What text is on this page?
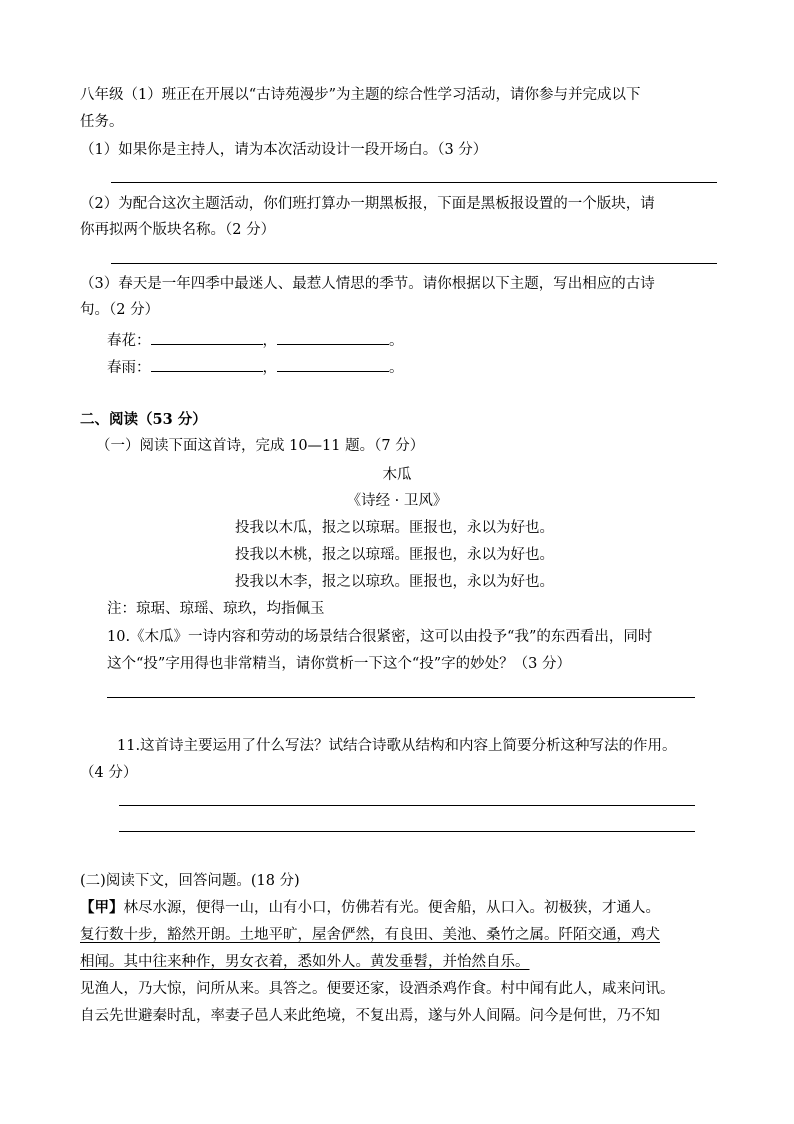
八年级（1）班正在开展以“古诗苑漫步”为主题的综合性学习活动，请你参与并完成以下
任务。
（1）如果你是主持人，请为本次活动设计一段开场白。（3 分）
（2）为配合这次主题活动，你们班打算办一期黑板报，下面是黑板报设置的一个版块，请
你再拟两个版块名称。（2 分）
（3）春天是一年四季中最迷人、最惹人情思的季节。请你根据以下主题，写出相应的古诗
句。（2 分）
春花：	，	。
春雨：	，	。
二、阅读（53 分）
（一）阅读下面这首诗，完成 10—11 题。（7 分）
木瓜
《诗经 · 卫风》
投我以木瓜，报之以琼琚。匪报也，永以为好也。
投我以木桃，报之以琼瑶。匪报也，永以为好也。
投我以木李，报之以琼玖。匪报也，永以为好也。
注：琼琚、琼瑶、琼玖，均指佩玉
10.《木瓜》一诗内容和劳动的场景结合很紧密，这可以由投予“我”的东西看出，同时
这个“投”字用得也非常精当，请你赏析一下这个“投”字的妙处？（3 分）
11.这首诗主要运用了什么写法？试结合诗歌从结构和内容上简要分析这种写法的作用。
（4 分）
(二)阅读下文，回答问题。(18 分)
【甲】林尽水源，便得一山，山有小口，仿佛若有光。便舍船，从口入。初极狭，才通人。
复行数十步，豁然开朗。土地平旷，屋舍俨然，有良田、美池、桑竹之属。阡陌交通，鸡犬
相闻。其中往来种作，男女衣着，悉如外人。黄发垂髫，并怡然自乐。
见渔人，乃大惊，问所从来。具答之。便要还家，设酒杀鸡作食。村中闻有此人，咸来问讯。
自云先世避秦时乱，率妻子邑人来此绝境，不复出焉，遂与外人间隔。问今是何世，乃不知
